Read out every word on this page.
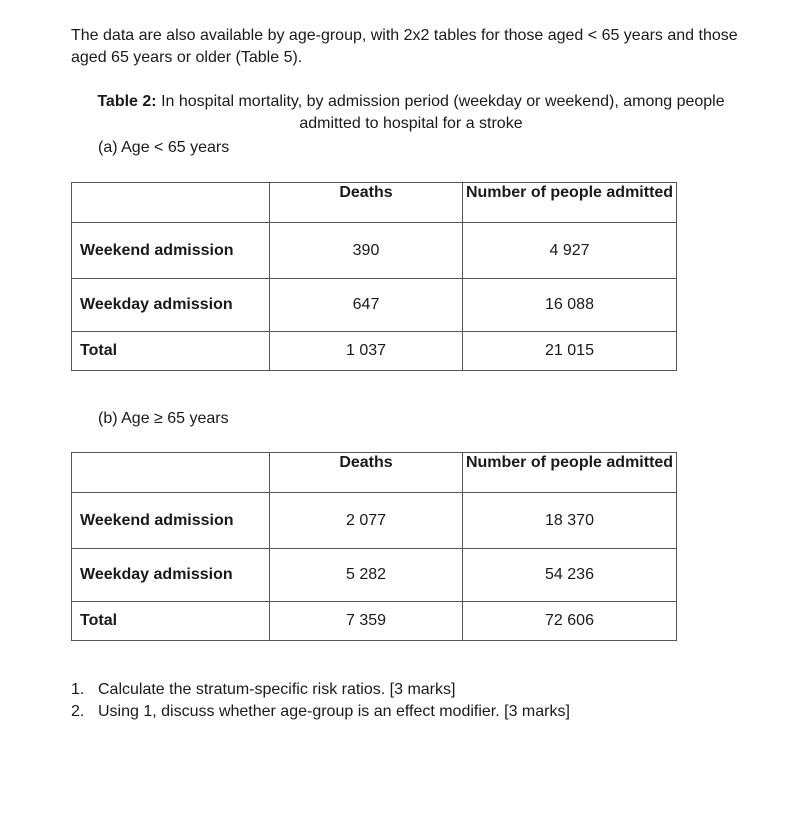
The data are also available by age-group, with 2x2 tables for those aged < 65 years and those aged 65 years or older (Table 5).

Table 2: In hospital mortality, by admission period (weekday or weekend), among people admitted to hospital for a stroke

(a) Age < 65 years

	Deaths	Number of people admitted
Weekend admission	390	4 927
Weekday admission	647	16 088
Total	1 037	21 015

(b) Age ≥ 65 years

	Deaths	Number of people admitted
Weekend admission	2 077	18 370
Weekday admission	5 282	54 236
Total	7 359	72 606
1. Calculate the stratum-specific risk ratios. [3 marks]
2. Using 1, discuss whether age-group is an effect modifier. [3 marks]
